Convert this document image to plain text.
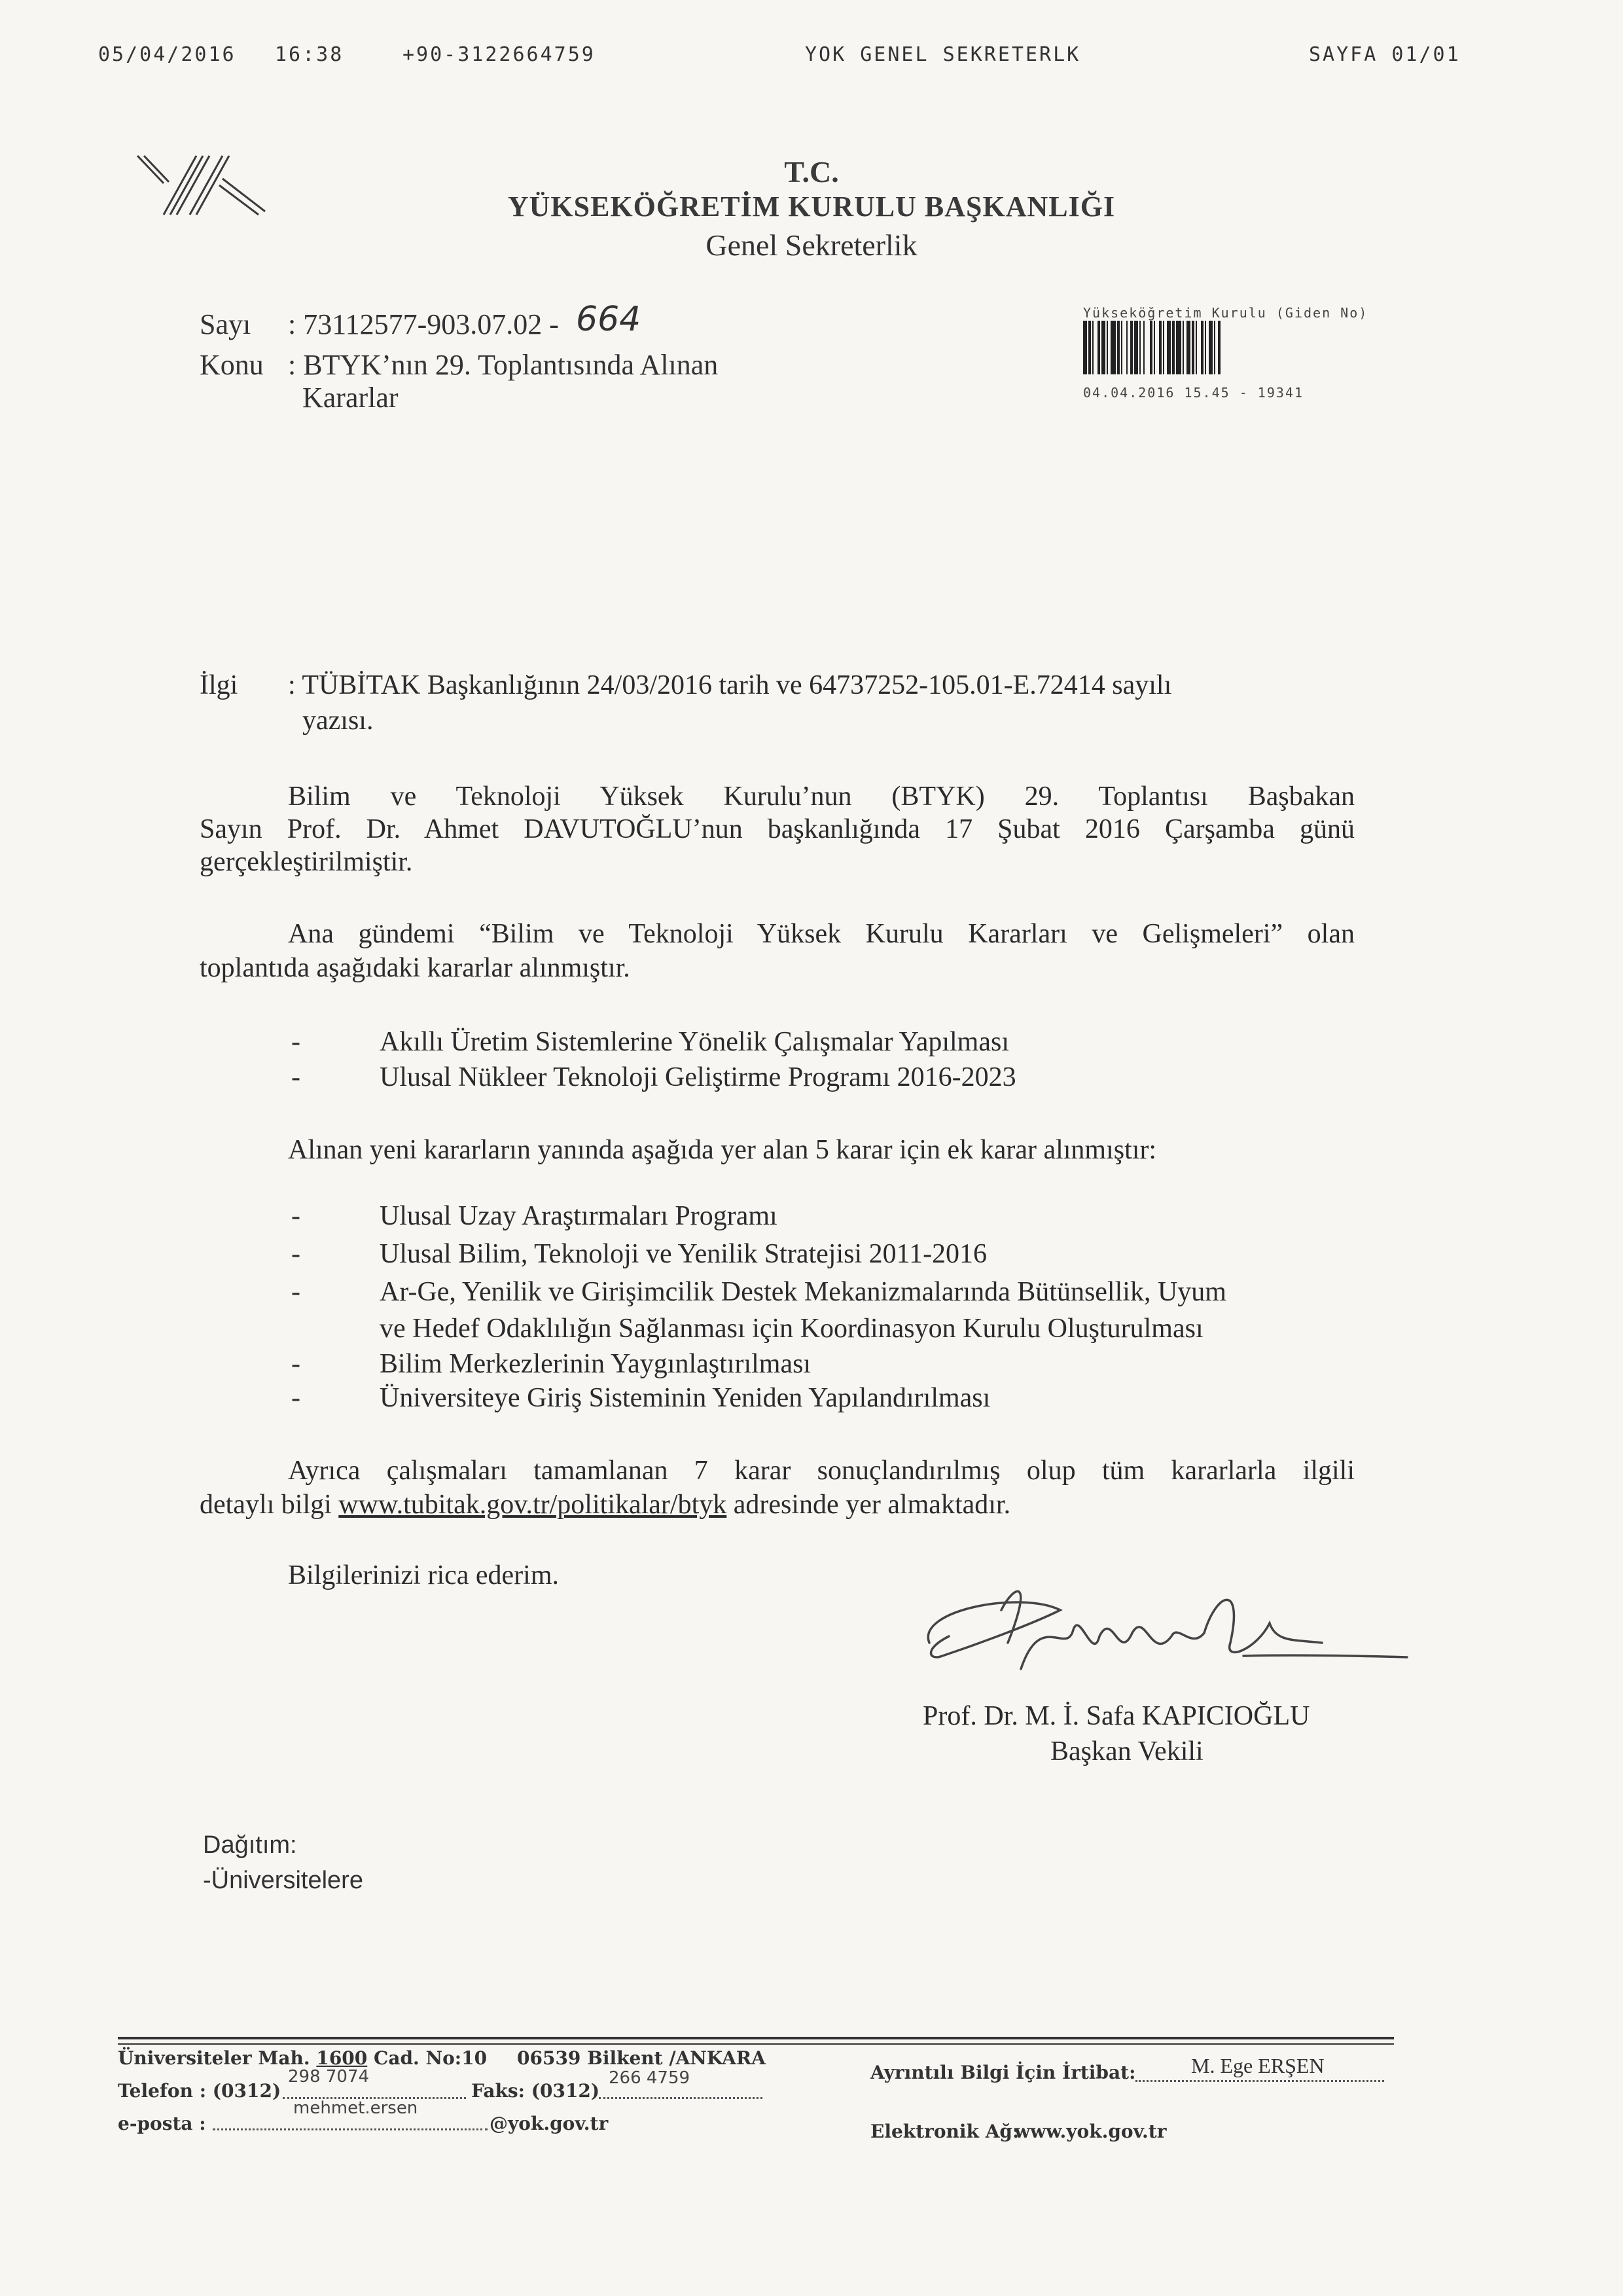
05/04/2016 16:38	+90-3122664759	YOK GENEL SEKRETERLK	SAYFA 01/01
T.C.
YÜKSEKÖĞRETİM KURULU BAŞKANLIĞI
Genel Sekreterlik
Sayı : 73112577-903.07.02 - 664
Konu : BTYK’nın 29. Toplantısında Alınan
Kararlar
Yükseköğretim Kurulu (Giden No)
04.04.2016 15.45 - 19341
İlgi : TÜBİTAK Başkanlığının 24/03/2016 tarih ve 64737252-105.01-E.72414 sayılı
yazısı.
Bilim ve Teknoloji Yüksek Kurulu’nun (BTYK) 29. Toplantısı Başbakan
Sayın Prof. Dr. Ahmet DAVUTOĞLU’nun başkanlığında 17 Şubat 2016 Çarşamba günü
gerçekleştirilmiştir.
Ana gündemi “Bilim ve Teknoloji Yüksek Kurulu Kararları ve Gelişmeleri” olan
toplantıda aşağıdaki kararlar alınmıştır.
-	Akıllı Üretim Sistemlerine Yönelik Çalışmalar Yapılması
-	Ulusal Nükleer Teknoloji Geliştirme Programı 2016-2023
Alınan yeni kararların yanında aşağıda yer alan 5 karar için ek karar alınmıştır:
-	Ulusal Uzay Araştırmaları Programı
-	Ulusal Bilim, Teknoloji ve Yenilik Stratejisi 2011-2016
-	Ar-Ge, Yenilik ve Girişimcilik Destek Mekanizmalarında Bütünsellik, Uyum
ve Hedef Odaklılığın Sağlanması için Koordinasyon Kurulu Oluşturulması
-	Bilim Merkezlerinin Yaygınlaştırılması
-	Üniversiteye Giriş Sisteminin Yeniden Yapılandırılması
Ayrıca çalışmaları tamamlanan 7 karar sonuçlandırılmış olup tüm kararlarla ilgili
detaylı bilgi www.tubitak.gov.tr/politikalar/btyk adresinde yer almaktadır.
Bilgilerinizi rica ederim.
Prof. Dr. M. İ. Safa KAPICIOĞLU
Başkan Vekili
Dağıtım:
-Üniversitelere
Üniversiteler Mah. 1600 Cad. No:10 06539 Bilkent /ANKARA
Telefon : (0312)
298 7074
Faks: (0312)
266 4759
e-posta :
mehmet.ersen
@yok.gov.tr
Ayrıntılı Bilgi İçin İrtibat:	M. Ege ERŞEN
Elektronik Ağ:
www.yok.gov.tr
